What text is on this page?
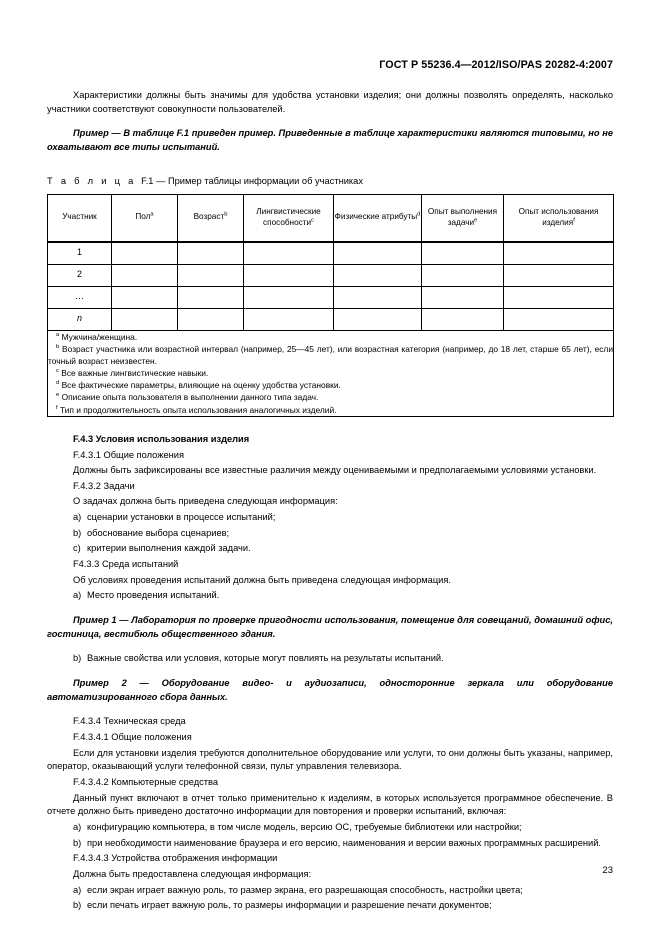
ГОСТ Р 55236.4—2012/ISO/PAS 20282-4:2007

Характеристики должны быть значимы для удобства установки изделия; они должны позволять определять, насколько участники соответствуют совокупности пользователей.

Пример — В таблице F.1 приведен пример. Приведенные в таблице характеристики являются типовыми, но не охватывают все типы испытаний.

Т а б л и ц а F.1 — Пример таблицы информации об участниках
Участник	Пол$^a$	Возраст$^b$	Лингвистические способности$^c$	Физические атрибуты$^d$	Опыт выполнения задачи$^e$	Опыт использования изделия$^f$
1						
2						
…						
n						

$^a$ Мужчина/женщина.

$^b$ Возраст участника или возрастной интервал (например, 25—45 лет), или возрастная категория (например, до 18 лет, старше 65 лет), если точный возраст неизвестен.

$^c$ Все важные лингвистические навыки.

$^d$ Все фактические параметры, влияющие на оценку удобства установки.

$^e$ Описание опыта пользователя в выполнении данного типа задач.

$^f$ Тип и продолжительность опыта использования аналогичных изделий.

F.4.3 Условия использования изделия

F.4.3.1 Общие положения

Должны быть зафиксированы все известные различия между оцениваемыми и предполагаемыми условиями установки.

F.4.3.2 Задачи

О задачах должна быть приведена следующая информация:

a) сценарии установки в процессе испытаний;

b) обоснование выбора сценариев;

c) критерии выполнения каждой задачи.

F4.3.3 Среда испытаний

Об условиях проведения испытаний должна быть приведена следующая информация.

a) Место проведения испытаний.

Пример 1 — Лаборатория по проверке пригодности использования, помещение для совещаний, домашний офис, гостиница, вестибюль общественного здания.

b) Важные свойства или условия, которые могут повлиять на результаты испытаний.

Пример 2 — Оборудование видео- и аудиозаписи, односторонние зеркала или оборудование автоматизированного сбора данных.

F.4.3.4 Техническая среда

F.4.3.4.1 Общие положения

Если для установки изделия требуются дополнительное оборудование или услуги, то они должны быть указаны, например, оператор, оказывающий услуги телефонной связи, пульт управления телевизора.

F.4.3.4.2 Компьютерные средства

Данный пункт включают в отчет только применительно к изделиям, в которых используется программное обеспечение. В отчете должно быть приведено достаточно информации для повторения и проверки испытаний, включая:

a) конфигурацию компьютера, в том числе модель, версию ОС, требуемые библиотеки или настройки;

b) при необходимости наименование браузера и его версию, наименования и версии важных программных расширений.

F.4.3.4.3 Устройства отображения информации

Должна быть предоставлена следующая информация:

a) если экран играет важную роль, то размер экрана, его разрешающая способность, настройки цвета;

b) если печать играет важную роль, то размеры информации и разрешение печати документов;

23
